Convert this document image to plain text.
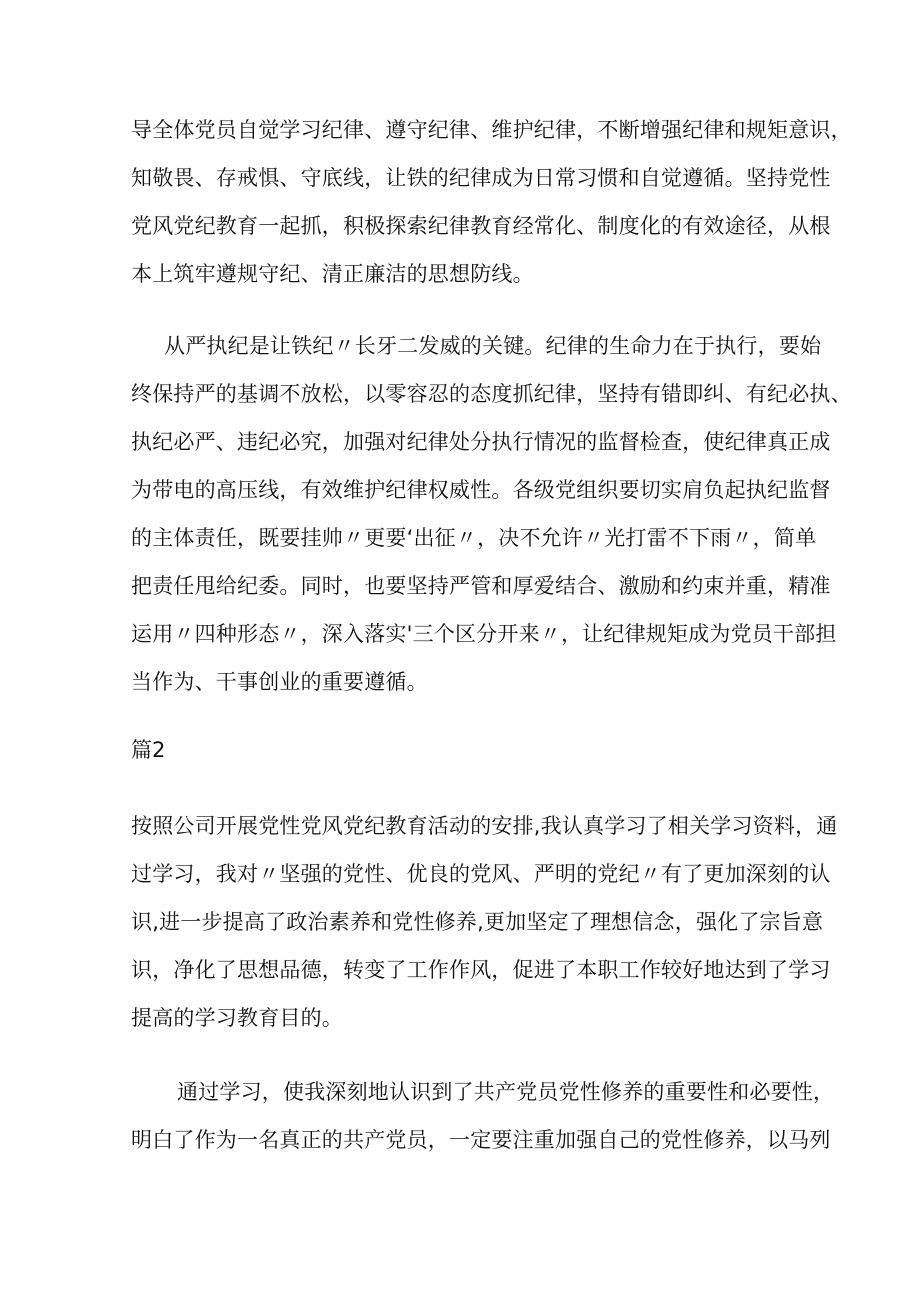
导全体党员自觉学习纪律、遵守纪律、维护纪律，不断增强纪律和规矩意识，
知敬畏、存戒惧、守底线，让铁的纪律成为日常习惯和自觉遵循。坚持党性
党风党纪教育一起抓，积极探索纪律教育经常化、制度化的有效途径，从根
本上筑牢遵规守纪、清正廉洁的思想防线。
从严执纪是让铁纪〃长牙二发威的关键。纪律的生命力在于执行，要始
终保持严的基调不放松，以零容忍的态度抓纪律，坚持有错即纠、有纪必执、
执纪必严、违纪必究，加强对纪律处分执行情况的监督检查，使纪律真正成
为带电的高压线，有效维护纪律权威性。各级党组织要切实肩负起执纪监督
的主体责任，既要挂帅〃更要‘出征〃，决不允许〃光打雷不下雨〃，简单
把责任甩给纪委。同时，也要坚持严管和厚爱结合、激励和约束并重，精准
运用〃四种形态〃，深入落实'三个区分开来〃，让纪律规矩成为党员干部担
当作为、干事创业的重要遵循。
篇2
按照公司开展党性党风党纪教育活动的安排,我认真学习了相关学习资料，通
过学习，我对〃坚强的党性、优良的党风、严明的党纪〃有了更加深刻的认
识,进一步提高了政治素养和党性修养,更加坚定了理想信念，强化了宗旨意
识，净化了思想品德，转变了工作作风，促进了本职工作较好地达到了学习
提高的学习教育目的。
通过学习，使我深刻地认识到了共产党员党性修养的重要性和必要性，
明白了作为一名真正的共产党员，一定要注重加强自己的党性修养，以马列
